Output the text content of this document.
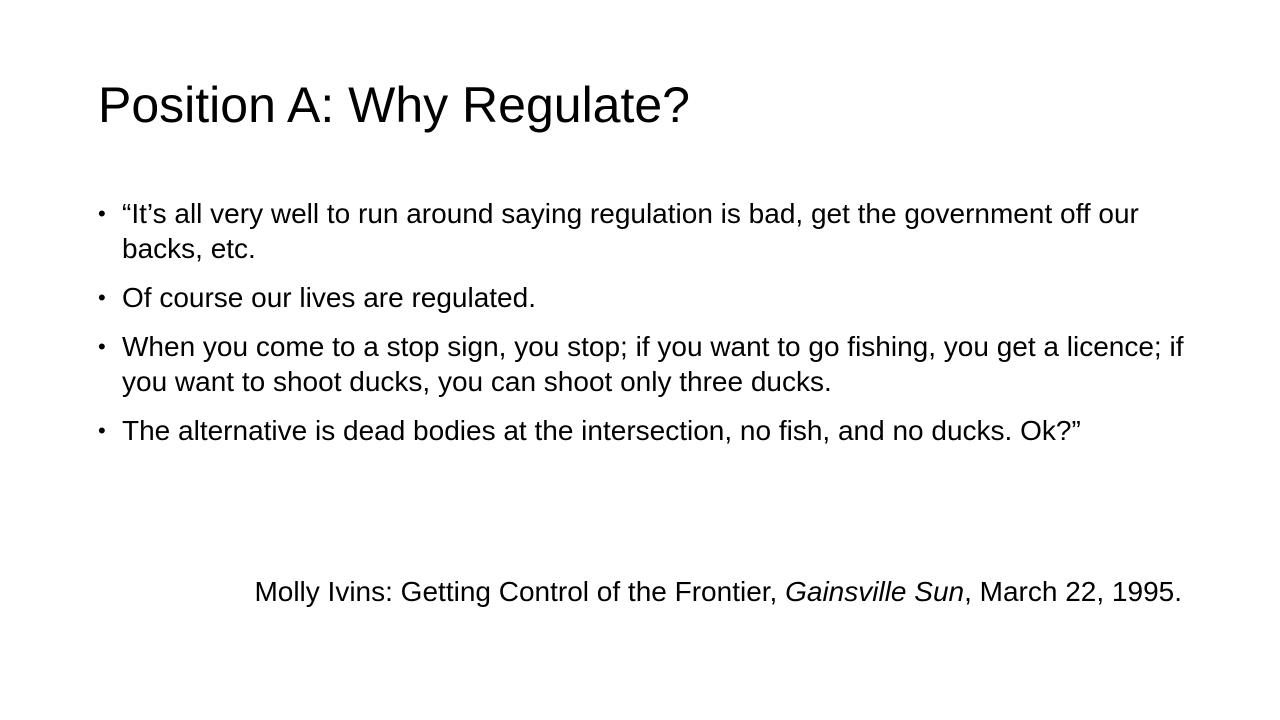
Position A: Why Regulate?
• “It’s all very well to run around saying regulation is bad, get the government off our backs, etc.
• Of course our lives are regulated.
• When you come to a stop sign, you stop; if you want to go fishing, you get a licence; if you want to shoot ducks, you can shoot only three ducks.
• The alternative is dead bodies at the intersection, no fish, and no ducks. Ok?”

Molly Ivins: Getting Control of the Frontier, Gainsville Sun, March 22, 1995.
